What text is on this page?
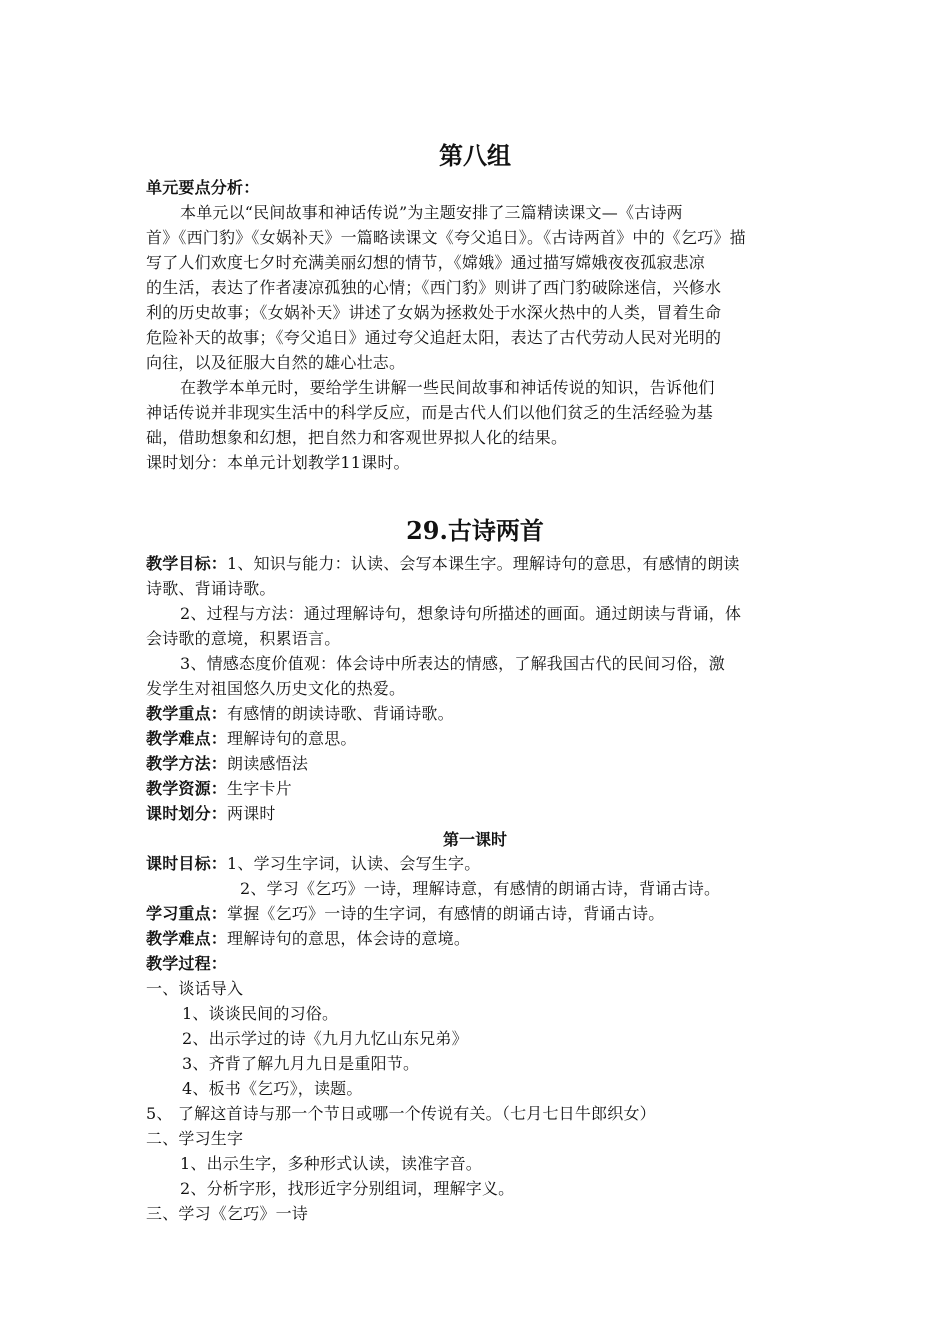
第八组
单元要点分析：
本单元以“民间故事和神话传说”为主题安排了三篇精读课文—《古诗两
首》《西门豹》《女娲补天》一篇略读课文《夸父追日》。《古诗两首》中的《乞巧》描
写了人们欢度七夕时充满美丽幻想的情节，《嫦娥》通过描写嫦娥夜夜孤寂悲凉
的生活，表达了作者凄凉孤独的心情；《西门豹》则讲了西门豹破除迷信，兴修水
利的历史故事；《女娲补天》讲述了女娲为拯救处于水深火热中的人类，冒着生命
危险补天的故事；《夸父追日》通过夸父追赶太阳，表达了古代劳动人民对光明的
向往，以及征服大自然的雄心壮志。
在教学本单元时，要给学生讲解一些民间故事和神话传说的知识，告诉他们
神话传说并非现实生活中的科学反应，而是古代人们以他们贫乏的生活经验为基
础，借助想象和幻想，把自然力和客观世界拟人化的结果。
课时划分：本单元计划教学11课时。
29.古诗两首
教学目标：1、知识与能力：认读、会写本课生字。理解诗句的意思，有感情的朗读
诗歌、背诵诗歌。
2、过程与方法：通过理解诗句，想象诗句所描述的画面。通过朗读与背诵，体
会诗歌的意境，积累语言。
3、情感态度价值观：体会诗中所表达的情感，了解我国古代的民间习俗，激
发学生对祖国悠久历史文化的热爱。
教学重点：有感情的朗读诗歌、背诵诗歌。
教学难点：理解诗句的意思。
教学方法：朗读感悟法
教学资源：生字卡片
课时划分：两课时
第一课时
课时目标：1、学习生字词，认读、会写生字。
2、学习《乞巧》一诗，理解诗意，有感情的朗诵古诗，背诵古诗。
学习重点：掌握《乞巧》一诗的生字词，有感情的朗诵古诗，背诵古诗。
教学难点：理解诗句的意思，体会诗的意境。
教学过程：
一、谈话导入
1、谈谈民间的习俗。
2、出示学过的诗《九月九忆山东兄弟》
3、齐背了解九月九日是重阳节。
4、板书《乞巧》，读题。
5、 了解这首诗与那一个节日或哪一个传说有关。（七月七日牛郎织女）
二、学习生字
1、出示生字，多种形式认读，读准字音。
2、分析字形，找形近字分别组词，理解字义。
三、学习《乞巧》一诗
